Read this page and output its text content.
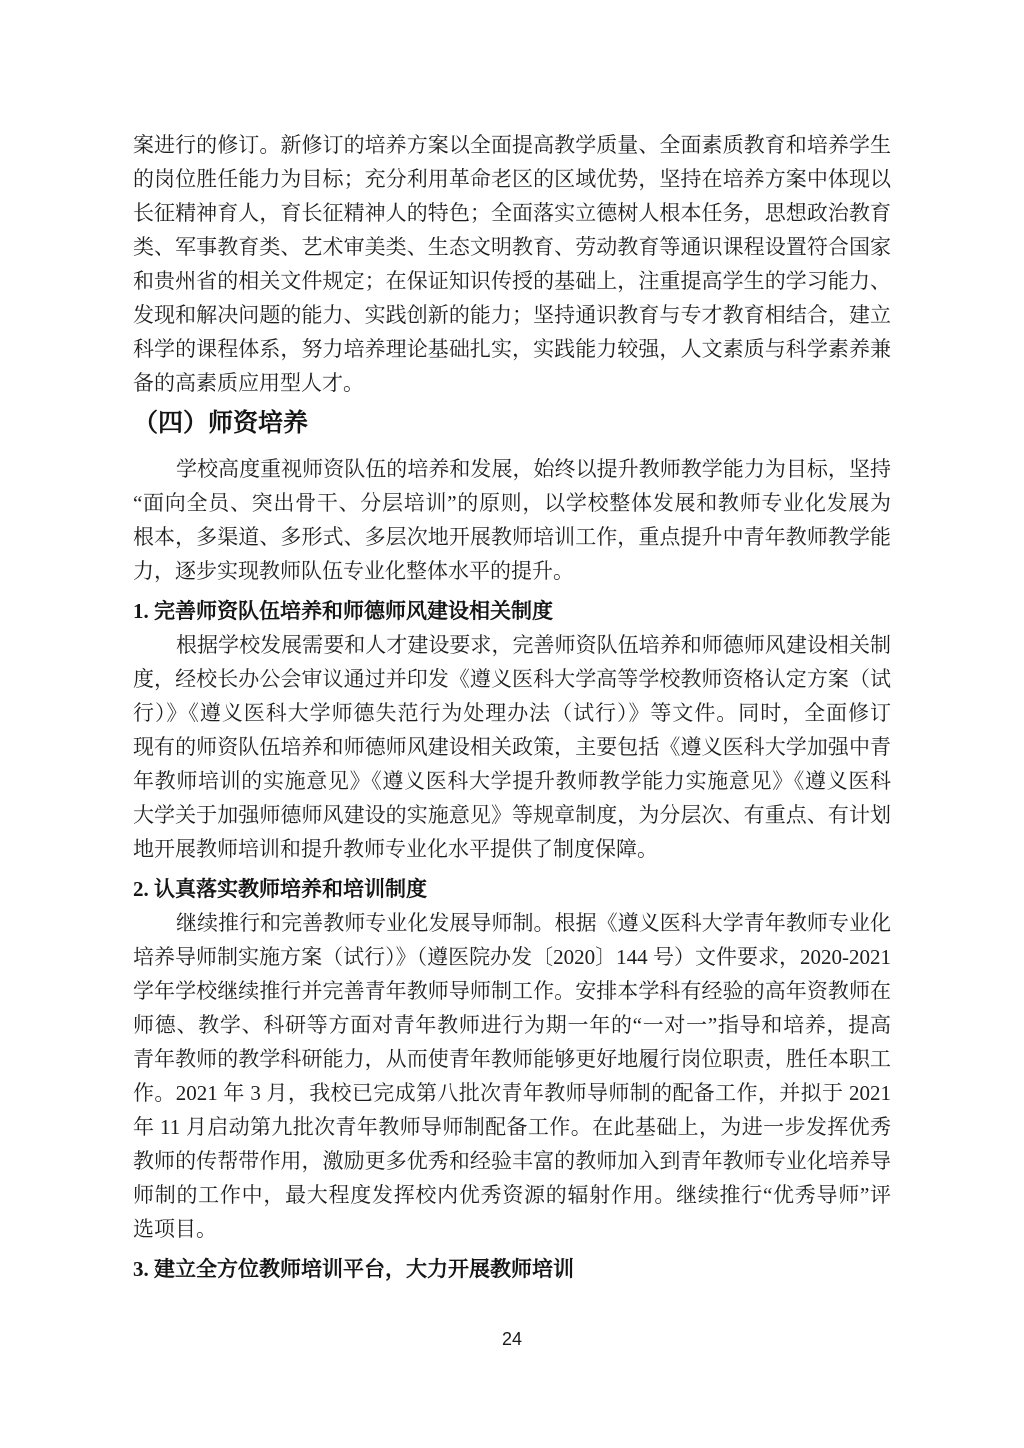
案进行的修订。新修订的培养方案以全面提高教学质量、全面素质教育和培养学生
的岗位胜任能力为目标；充分利用革命老区的区域优势，坚持在培养方案中体现以
长征精神育人，育长征精神人的特色；全面落实立德树人根本任务，思想政治教育
类、军事教育类、艺术审美类、生态文明教育、劳动教育等通识课程设置符合国家
和贵州省的相关文件规定；在保证知识传授的基础上，注重提高学生的学习能力、
发现和解决问题的能力、实践创新的能力；坚持通识教育与专才教育相结合，建立
科学的课程体系，努力培养理论基础扎实，实践能力较强，人文素质与科学素养兼
备的高素质应用型人才。
（四）师资培养
学校高度重视师资队伍的培养和发展，始终以提升教师教学能力为目标，坚持
“面向全员、突出骨干、分层培训”的原则，以学校整体发展和教师专业化发展为
根本，多渠道、多形式、多层次地开展教师培训工作，重点提升中青年教师教学能
力，逐步实现教师队伍专业化整体水平的提升。
1. 完善师资队伍培养和师德师风建设相关制度
根据学校发展需要和人才建设要求，完善师资队伍培养和师德师风建设相关制
度，经校长办公会审议通过并印发《遵义医科大学高等学校教师资格认定方案（试
行）》《遵义医科大学师德失范行为处理办法（试行）》等文件。同时，全面修订
现有的师资队伍培养和师德师风建设相关政策，主要包括《遵义医科大学加强中青
年教师培训的实施意见》《遵义医科大学提升教师教学能力实施意见》《遵义医科
大学关于加强师德师风建设的实施意见》等规章制度，为分层次、有重点、有计划
地开展教师培训和提升教师专业化水平提供了制度保障。
2. 认真落实教师培养和培训制度
继续推行和完善教师专业化发展导师制。根据《遵义医科大学青年教师专业化
培养导师制实施方案（试行）》（遵医院办发〔2020〕144 号）文件要求，2020-2021
学年学校继续推行并完善青年教师导师制工作。安排本学科有经验的高年资教师在
师德、教学、科研等方面对青年教师进行为期一年的“一对一”指导和培养，提高
青年教师的教学科研能力，从而使青年教师能够更好地履行岗位职责，胜任本职工
作。2021 年 3 月，我校已完成第八批次青年教师导师制的配备工作，并拟于 2021
年 11 月启动第九批次青年教师导师制配备工作。在此基础上，为进一步发挥优秀
教师的传帮带作用，激励更多优秀和经验丰富的教师加入到青年教师专业化培养导
师制的工作中，最大程度发挥校内优秀资源的辐射作用。继续推行“优秀导师”评
选项目。
3. 建立全方位教师培训平台，大力开展教师培训
24
